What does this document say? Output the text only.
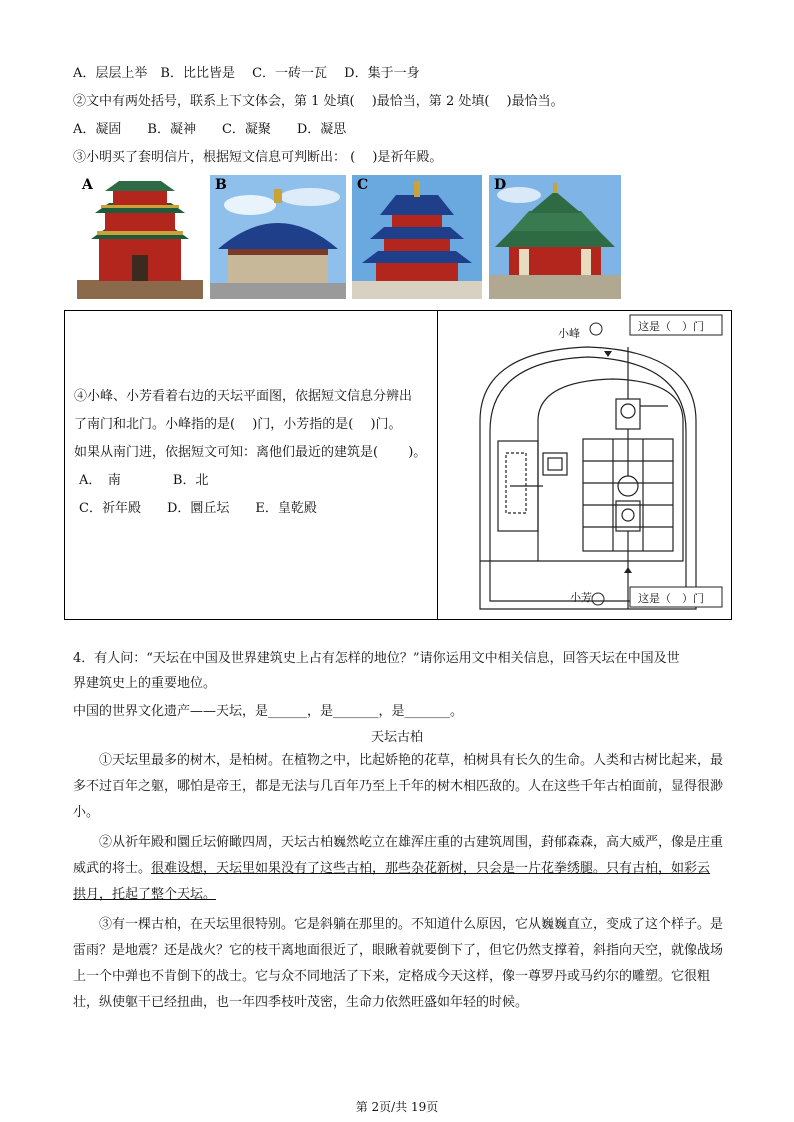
A．层层上举　B．比比皆是　 C．一砖一瓦　 D．集于一身
②文中有两处括号，联系上下文体会，第 1 处填(　 )最恰当，第 2 处填(　 )最恰当。
A．凝固　　B．凝神　　C．凝聚　　D．凝思
③小明买了套明信片，根据短文信息可判断出： (　 )是祈年殿。
A	B	C	D
④小峰、小芳看着右边的天坛平面图，依据短文信息分辨出
了南门和北门。小峰指的是(　 )门，小芳指的是(　 )门。
如果从南门进，依据短文可知：离他们最近的建筑是(　　 )。
A．　南　　　　B．北
C．祈年殿　　D．圜丘坛　　E．皇乾殿
小峰
这是（　）门
小芳	这是（　）门
4．有人问：“天坛在中国及世界建筑史上占有怎样的地位？”请你运用文中相关信息，回答天坛在中国及世
界建筑史上的重要地位。
中国的世界文化遗产——天坛，是______，是_______，是_______。
天坛古柏
①天坛里最多的树木，是柏树。在植物之中，比起娇艳的花草，柏树具有长久的生命。人类和古树比起来，最多不过百年之躯，哪怕是帝王，都是无法与几百年乃至上千年的树木相匹敌的。人在这些千年古柏面前，显得很渺小。
②从祈年殿和圜丘坛俯瞰四周，天坛古柏巍然屹立在雄浑庄重的古建筑周围，葑郁森森，高大威严，像是庄重威武的将士。很难设想，天坛里如果没有了这些古柏，那些杂花新树，只会是一片花拳绣腿。只有古柏，如彩云拱月，托起了整个天坛。
③有一棵古柏，在天坛里很特别。它是斜躺在那里的。不知道什么原因，它从巍巍直立，变成了这个样子。是雷雨？是地震？还是战火？它的枝干离地面很近了，眼瞅着就要倒下了，但它仍然支撑着，斜指向天空，就像战场上一个中弹也不肯倒下的战士。它与众不同地活了下来，定格成今天这样，像一尊罗丹或马约尔的雕塑。它很粗壮，纵使躯干已经扭曲，也一年四季枝叶茂密，生命力依然旺盛如年轻的时候。
第 2页/共 19页
